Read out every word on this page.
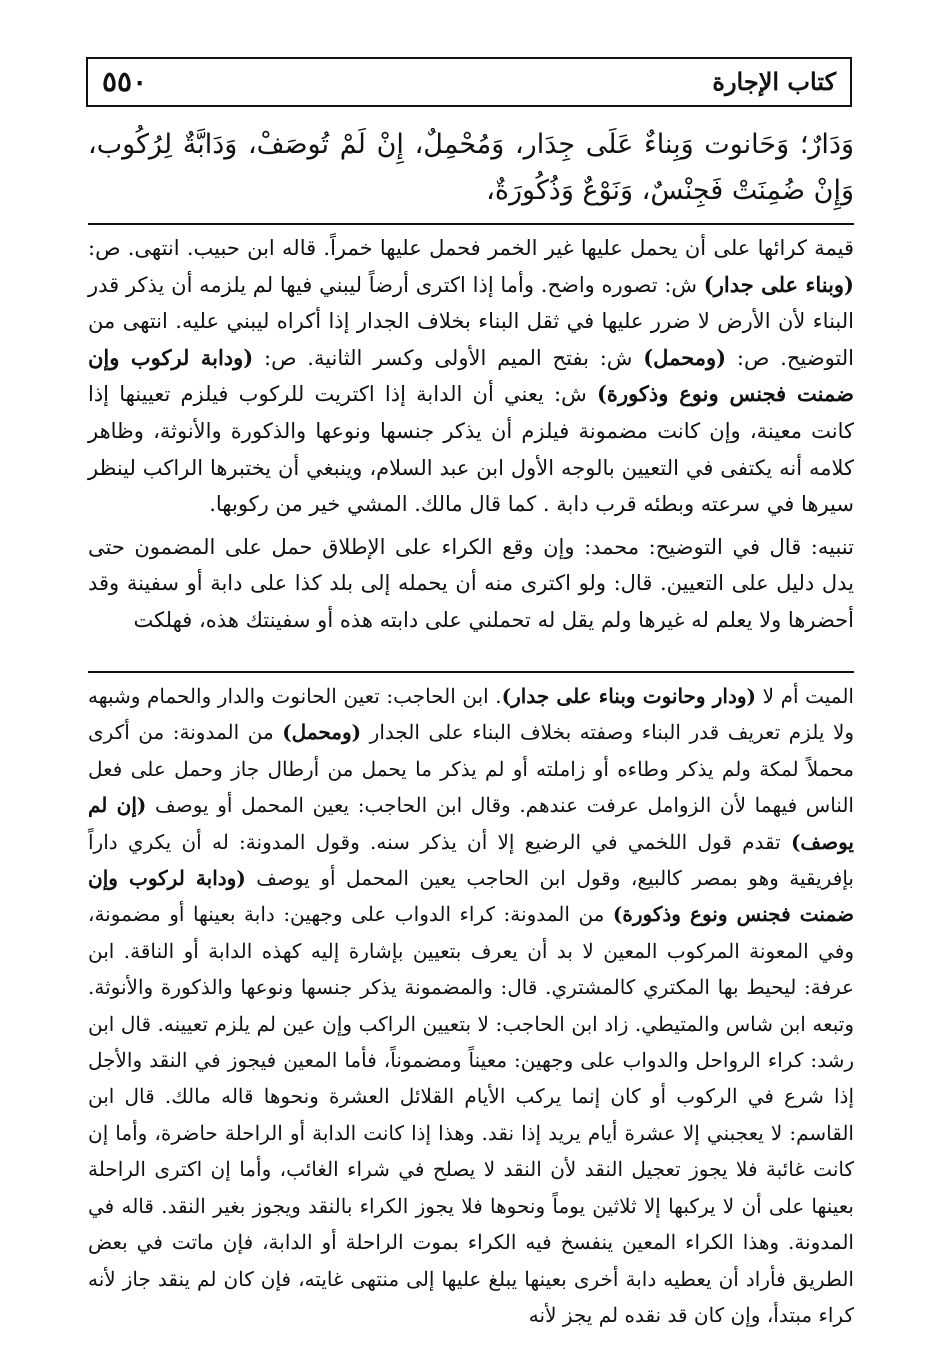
٥٥٠	كتاب الإجارة
وَدَارٌ؛ وَحَانوت وَبِناءٌ عَلَى جِدَار، وَمُحْمِلٌ، إِنْ لَمْ تُوصَفْ، وَدَابَّةٌ لِرُكُوب، وَإِنْ ضُمِنَتْ فَجِنْسٌ، وَنَوْعٌ وَذُكُورَةٌ،

قيمة كرائها على أن يحمل عليها غير الخمر فحمل عليها خمراً. قاله ابن حبيب. انتهى. ص: (وبناء على جدار) ش: تصوره واضح. وأما إذا اكترى أرضاً ليبني فيها لم يلزمه أن يذكر قدر البناء لأن الأرض لا ضرر عليها في ثقل البناء بخلاف الجدار إذا أكراه ليبني عليه. انتهى من التوضيح. ص: (ومحمل) ش: بفتح الميم الأولى وكسر الثانية. ص: (ودابة لركوب وإن ضمنت فجنس ونوع وذكورة) ش: يعني أن الدابة إذا اكتريت للركوب فيلزم تعيينها إذا كانت معينة، وإن كانت مضمونة فيلزم أن يذكر جنسها ونوعها والذكورة والأنوثة، وظاهر كلامه أنه يكتفى في التعيين بالوجه الأول ابن عبد السلام، وينبغي أن يختبرها الراكب لينظر سيرها في سرعته وبطئه قرب دابة . كما قال مالك. المشي خير من ركوبها.

تنبيه: قال في التوضيح: محمد: وإن وقع الكراء على الإطلاق حمل على المضمون حتى يدل دليل على التعيين. قال: ولو اكترى منه أن يحمله إلى بلد كذا على دابة أو سفينة وقد أحضرها ولا يعلم له غيرها ولم يقل له تحملني على دابته هذه أو سفينتك هذه، فهلكت

الميت أم لا (ودار وحانوت وبناء على جدار). ابن الحاجب: تعين الحانوت والدار والحمام وشبهه ولا يلزم تعريف قدر البناء وصفته بخلاف البناء على الجدار (ومحمل) من المدونة: من أكرى محملاً لمكة ولم يذكر وطاءه أو زاملته أو لم يذكر ما يحمل من أرطال جاز وحمل على فعل الناس فيهما لأن الزوامل عرفت عندهم. وقال ابن الحاجب: يعين المحمل أو يوصف (إن لم يوصف) تقدم قول اللخمي في الرضيع إلا أن يذكر سنه. وقول المدونة: له أن يكري داراً بإفريقية وهو بمصر كالبيع، وقول ابن الحاجب يعين المحمل أو يوصف (ودابة لركوب وإن ضمنت فجنس ونوع وذكورة) من المدونة: كراء الدواب على وجهين: دابة بعينها أو مضمونة، وفي المعونة المركوب المعين لا بد أن يعرف بتعيين بإشارة إليه كهذه الدابة أو الناقة. ابن عرفة: ليحيط بها المكتري كالمشتري. قال: والمضمونة يذكر جنسها ونوعها والذكورة والأنوثة. وتبعه ابن شاس والمتيطي. زاد ابن الحاجب: لا بتعيين الراكب وإن عين لم يلزم تعيينه. قال ابن رشد: كراء الرواحل والدواب على وجهين: معيناً ومضموناً، فأما المعين فيجوز في النقد والأجل إذا شرع في الركوب أو كان إنما يركب الأيام القلائل العشرة ونحوها قاله مالك. قال ابن القاسم: لا يعجبني إلا عشرة أيام يريد إذا نقد. وهذا إذا كانت الدابة أو الراحلة حاضرة، وأما إن كانت غائبة فلا يجوز تعجيل النقد لأن النقد لا يصلح في شراء الغائب، وأما إن اكترى الراحلة بعينها على أن لا يركبها إلا ثلاثين يوماً ونحوها فلا يجوز الكراء بالنقد ويجوز بغير النقد. قاله في المدونة. وهذا الكراء المعين ينفسخ فيه الكراء بموت الراحلة أو الدابة، فإن ماتت في بعض الطريق فأراد أن يعطيه دابة أخرى بعينها يبلغ عليها إلى منتهى غايته، فإن كان لم ينقد جاز لأنه كراء مبتدأ، وإن كان قد نقده لم يجز لأنه
